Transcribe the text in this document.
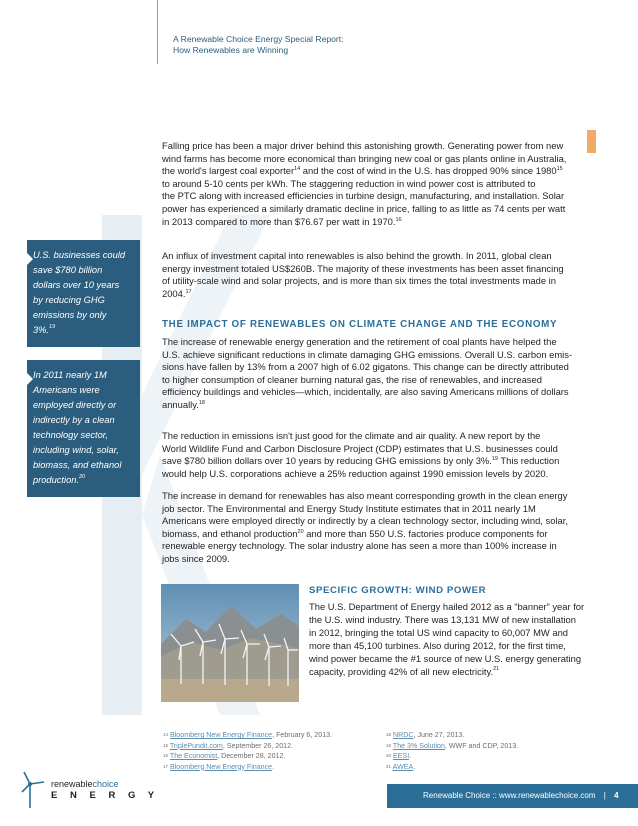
A Renewable Choice Energy Special Report:
How Renewables are Winning
Falling price has been a major driver behind this astonishing growth. Generating power from new
wind farms has become more economical than bringing new coal or gas plants online in Australia,
the world's largest coal exporter$^{14}$ and the cost of wind in the U.S. has dropped 90% since 1980$^{15}$
to around 5-10 cents per kWh. The staggering reduction in wind power cost is attributed to
the PTC along with increased efficiencies in turbine design, manufacturing, and installation. Solar
power has experienced a similarly dramatic decline in price, falling to as little as 74 cents per watt
in 2013 compared to more than $76.67 per watt in 1970.16
An influx of investment capital into renewables is also behind the growth. In 2011, global clean
energy investment totaled US$260B. The majority of these investments has been asset financing
of utility-scale wind and solar projects, and is more than six times the total investments made in
2004.17
THE IMPACT OF RENEWABLES ON CLIMATE CHANGE AND THE ECONOMY
The increase of renewable energy generation and the retirement of coal plants have helped the
U.S. achieve significant reductions in climate damaging GHG emissions. Overall U.S. carbon emis-
sions have fallen by 13% from a 2007 high of 6.02 gigatons. This change can be directly attributed
to higher consumption of cleaner burning natural gas, the rise of renewables, and increased
efficiency buildings and vehicles—which, incidentally, are also saving Americans millions of dollars
annually.$^{18}$
The reduction in emissions isn't just good for the climate and air quality. A new report by the
World Wildlife Fund and Carbon Disclosure Project (CDP) estimates that U.S. businesses could
save $780 billion dollars over 10 years by reducing GHG emissions by only 3%.$^{19}$ This reduction
would help U.S. corporations achieve a 25% reduction against 1990 emission levels by 2020.
The increase in demand for renewables has also meant corresponding growth in the clean energy
job sector. The Environmental and Energy Study Institute estimates that in 2011 nearly 1M
Americans were employed directly or indirectly by a clean technology sector, including wind, solar,
biomass, and ethanol production$^{20}$ and more than 550 U.S. factories produce components for
renewable energy technology. The solar industry alone has seen a more than 100% increase in
jobs since 2009.
U.S. businesses could
save $780 billion
dollars over 10 years
by reducing GHG
emissions by only
3%.$^{19}$
In 2011 nearly 1M
Americans were
employed directly or
indirectly by a clean
technology sector,
including wind, solar,
biomass, and ethanol
production.$^{20}$
SPECIFIC GROWTH: WIND POWER
The U.S. Department of Energy hailed 2012 as a “banner” year for
the U.S. wind industry. There was 13,131 MW of new installation
in 2012, bringing the total US wind capacity to 60,007 MW and
more than 45,100 turbines. Also during 2012, for the first time,
wind power became the #1 source of new U.S. energy generating
capacity, providing 42% of all new electricity.$^{21}$
$^{14}$ Bloomberg New Energy Finance, February 6, 2013.
$^{15}$ TriplePundit.com, September 26, 2012.
$^{16}$ The Economist, December 28, 2012.
$^{17}$ Bloomberg New Energy Finance.
$^{18}$ NRDC, June 27, 2013.
$^{19}$ The 3% Solution, WWF and CDP, 2013.
$^{20}$ EESI.
$^{21}$ AWEA.
renewablechoice
E N E R G Y	Renewable Choice :: www.renewablechoice.com | 4
